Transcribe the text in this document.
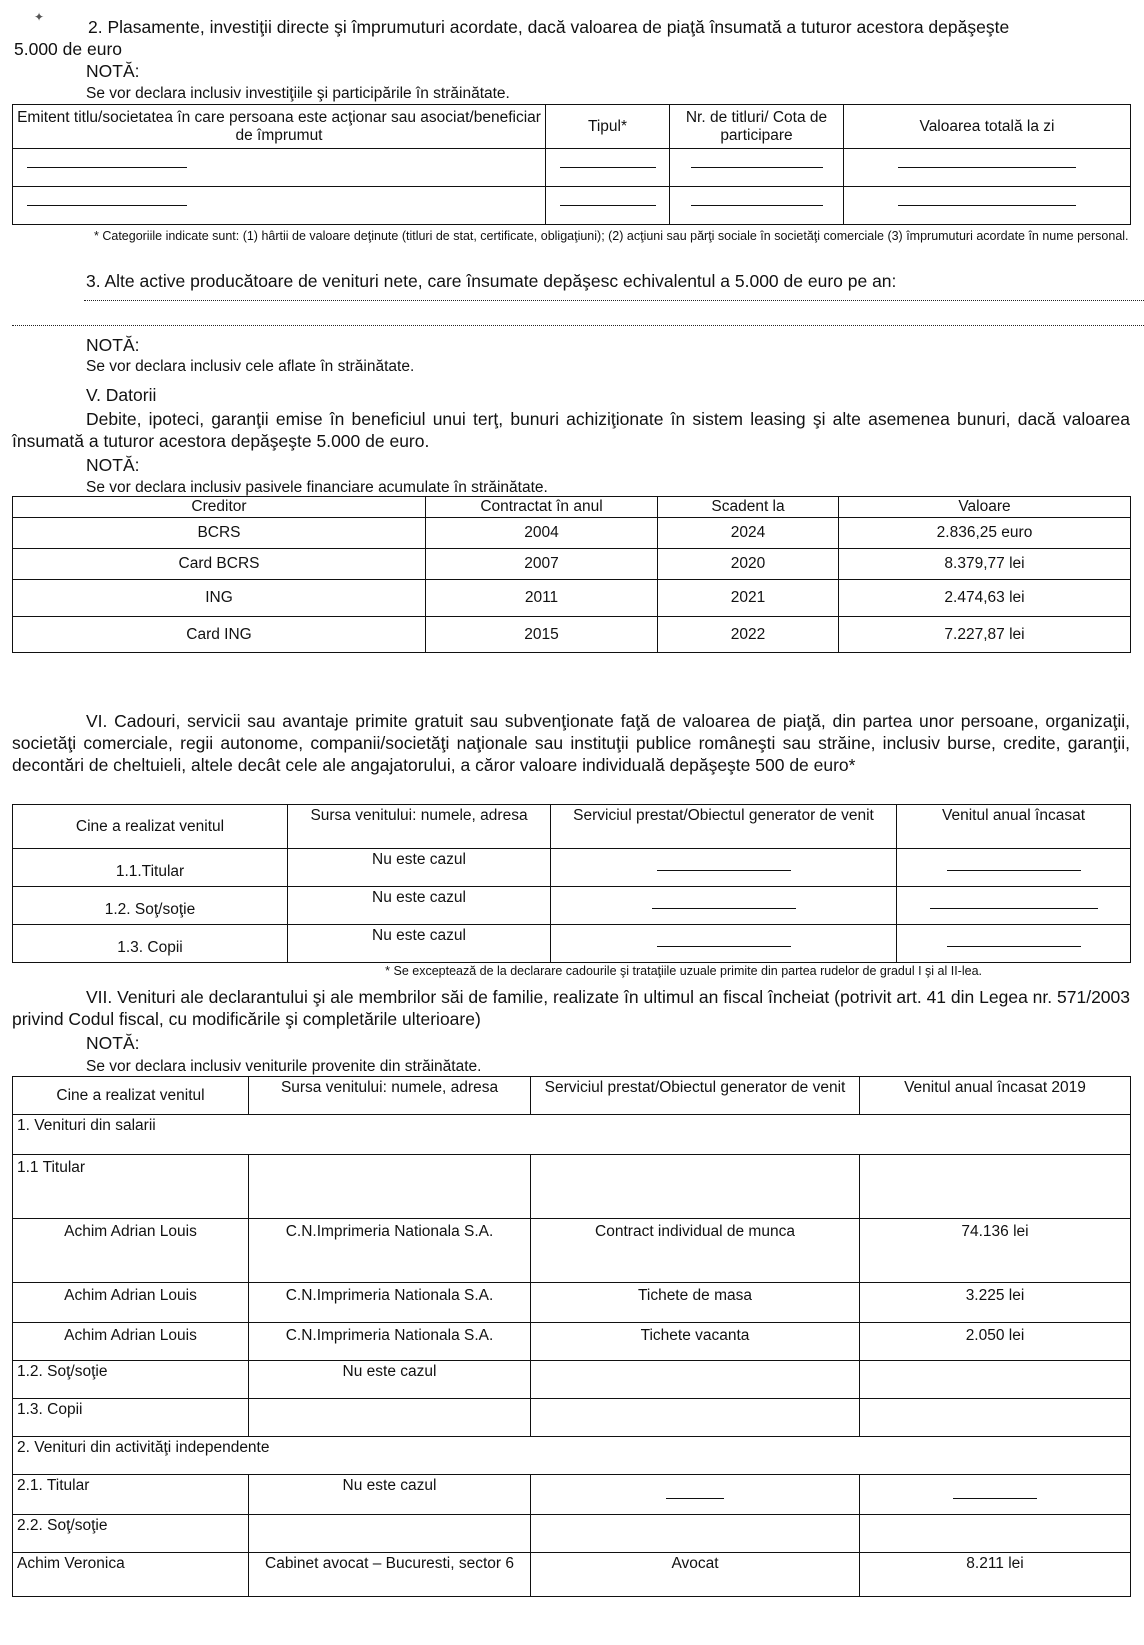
✦	2. Plasamente, investiţii directe şi împrumuturi acordate, dacă valoarea de piaţă însumată a tuturor acestora depăşeşte
5.000 de euro
NOTĂ:
Se vor declara inclusiv investiţiile şi participările în străinătate.
Emitent titlu/societatea în care persoana este acţionar sau asociat/beneficiar de împrumut	Tipul*	Nr. de titluri/ Cota de participare	Valoarea totală la zi

* Categoriile indicate sunt: (1) hârtii de valoare deţinute (titluri de stat, certificate, obligaţiuni); (2) acţiuni sau părţi sociale în societăţi comerciale (3) împrumuturi acordate în nume personal.
3. Alte active producătoare de venituri nete, care însumate depăşesc echivalentul a 5.000 de euro pe an:
NOTĂ:
Se vor declara inclusiv cele aflate în străinătate.
V. Datorii
Debite, ipoteci, garanţii emise în beneficiul unui terţ, bunuri achiziţionate în sistem leasing şi alte asemenea bunuri, dacă valoarea însumată a tuturor acestora depăşeşte 5.000 de euro.
NOTĂ:
Se vor declara inclusiv pasivele financiare acumulate în străinătate.
Creditor	Contractat în anul	Scadent la	Valoare
BCRS	2004	2024	2.836,25 euro
Card BCRS	2007	2020	8.379,77 lei
ING	2011	2021	2.474,63 lei
Card ING	2015	2022	7.227,87 lei
VI. Cadouri, servicii sau avantaje primite gratuit sau subvenţionate faţă de valoarea de piaţă, din partea unor persoane, organizaţii, societăţi comerciale, regii autonome, companii/societăţi naţionale sau instituţii publice româneşti sau străine, inclusiv burse, credite, garanţii, decontări de cheltuieli, altele decât cele ale angajatorului, a căror valoare individuală depăşeşte 500 de euro*
Cine a realizat venitul	Sursa venitului: numele, adresa	Serviciul prestat/Obiectul generator de venit	Venitul anual încasat
1.1.Titular	Nu este cazul	

1.2. Soţ/soţie	Nu este cazul	

1.3. Copii	Nu este cazul	

* Se exceptează de la declarare cadourile şi trataţiile uzuale primite din partea rudelor de gradul I şi al II-lea.
VII. Venituri ale declarantului şi ale membrilor săi de familie, realizate în ultimul an fiscal încheiat (potrivit art. 41 din Legea nr. 571/2003 privind Codul fiscal, cu modificările şi completările ulterioare)
NOTĂ:
Se vor declara inclusiv veniturile provenite din străinătate.
Cine a realizat venitul	Sursa venitului: numele, adresa	Serviciul prestat/Obiectul generator de venit	Venitul anual încasat 2019
1. Venituri din salarii			
1.1 Titular			
Achim Adrian Louis	C.N.Imprimeria Nationala S.A.	Contract individual de munca	74.136 lei
Achim Adrian Louis	C.N.Imprimeria Nationala S.A.	Tichete de masa	3.225 lei
Achim Adrian Louis	C.N.Imprimeria Nationala S.A.	Tichete vacanta	2.050 lei
1.2. Soţ/soţie	Nu este cazul		
1.3. Copii			
2. Venituri din activităţi independente			
2.1. Titular	Nu este cazul	

2.2. Soţ/soţie			
Achim Veronica	Cabinet avocat – Bucuresti, sector 6	Avocat	8.211 lei
